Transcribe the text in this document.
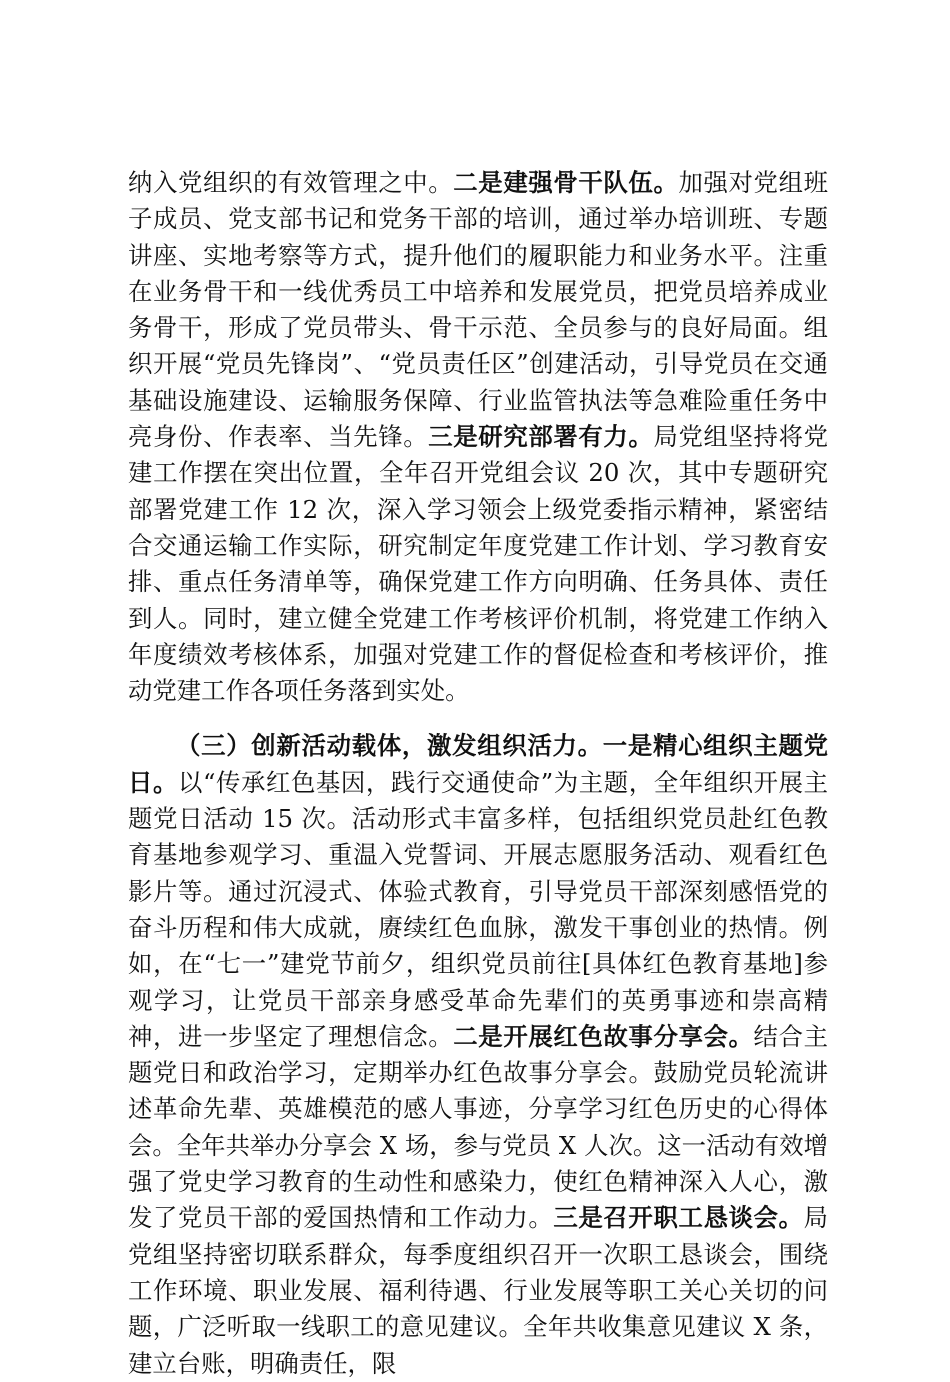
纳入党组织的有效管理之中。二是建强骨干队伍。加强对党组班子成员、党支部书记和党务干部的培训，通过举办培训班、专题讲座、实地考察等方式，提升他们的履职能力和业务水平。注重在业务骨干和一线优秀员工中培养和发展党员，把党员培养成业务骨干，形成了党员带头、骨干示范、全员参与的良好局面。组织开展“党员先锋岗”、“党员责任区”创建活动，引导党员在交通基础设施建设、运输服务保障、行业监管执法等急难险重任务中亮身份、作表率、当先锋。三是研究部署有力。局党组坚持将党建工作摆在突出位置，全年召开党组会议 20 次，其中专题研究部署党建工作 12 次，深入学习领会上级党委指示精神，紧密结合交通运输工作实际，研究制定年度党建工作计划、学习教育安排、重点任务清单等，确保党建工作方向明确、任务具体、责任到人。同时，建立健全党建工作考核评价机制，将党建工作纳入年度绩效考核体系，加强对党建工作的督促检查和考核评价，推动党建工作各项任务落到实处。

（三）创新活动载体，激发组织活力。一是精心组织主题党日。以“传承红色基因，践行交通使命”为主题，全年组织开展主题党日活动 15 次。活动形式丰富多样，包括组织党员赴红色教育基地参观学习、重温入党誓词、开展志愿服务活动、观看红色影片等。通过沉浸式、体验式教育，引导党员干部深刻感悟党的奋斗历程和伟大成就，赓续红色血脉，激发干事创业的热情。例如，在“七一”建党节前夕，组织党员前往[具体红色教育基地]参观学习，让党员干部亲身感受革命先辈们的英勇事迹和崇高精神，进一步坚定了理想信念。二是开展红色故事分享会。结合主题党日和政治学习，定期举办红色故事分享会。鼓励党员轮流讲述革命先辈、英雄模范的感人事迹，分享学习红色历史的心得体会。全年共举办分享会 X 场，参与党员 X 人次。这一活动有效增强了党史学习教育的生动性和感染力，使红色精神深入人心，激发了党员干部的爱国热情和工作动力。三是召开职工恳谈会。局党组坚持密切联系群众，每季度组织召开一次职工恳谈会，围绕工作环境、职业发展、福利待遇、行业发展等职工关心关切的问题，广泛听取一线职工的意见建议。全年共收集意见建议 X 条，建立台账，明确责任，限
